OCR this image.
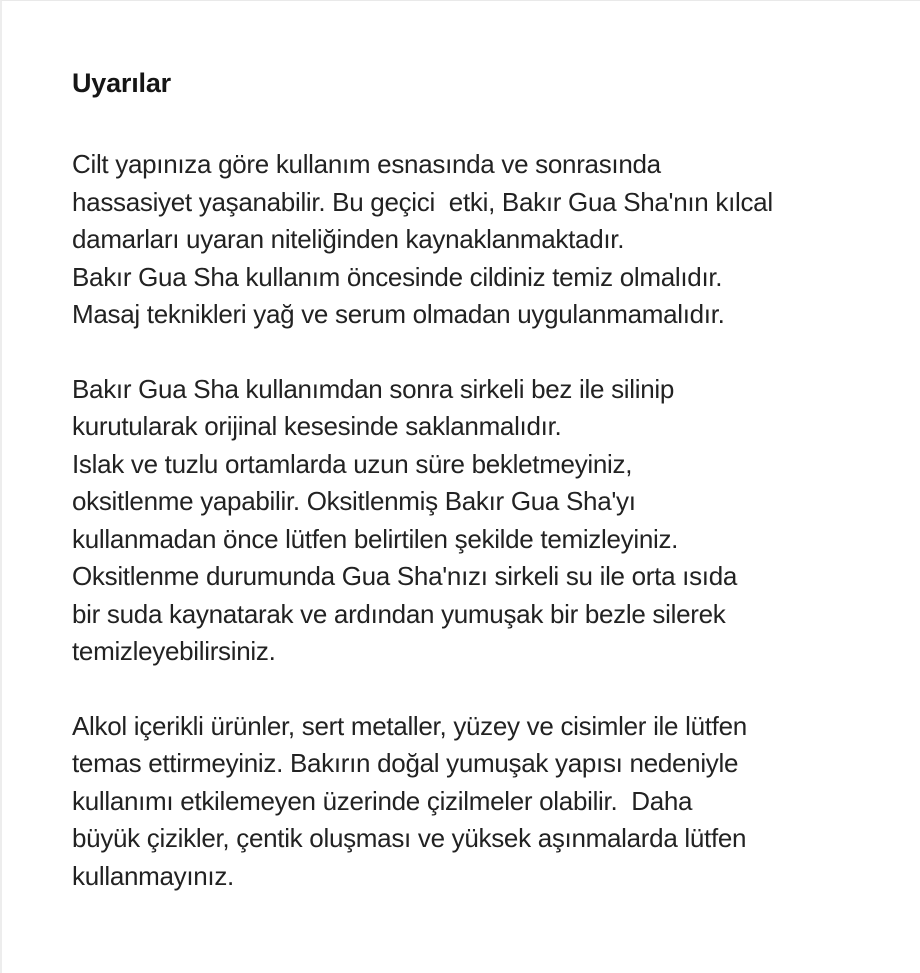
Uyarılar
Cilt yapınıza göre kullanım esnasında ve sonrasında
hassasiyet yaşanabilir. Bu geçici  etki, Bakır Gua Sha'nın kılcal
damarları uyaran niteliğinden kaynaklanmaktadır.
Bakır Gua Sha kullanım öncesinde cildiniz temiz olmalıdır.
Masaj teknikleri yağ ve serum olmadan uygulanmamalıdır.
Bakır Gua Sha kullanımdan sonra sirkeli bez ile silinip
kurutularak orijinal kesesinde saklanmalıdır.
Islak ve tuzlu ortamlarda uzun süre bekletmeyiniz,
oksitlenme yapabilir. Oksitlenmiş Bakır Gua Sha'yı
kullanmadan önce lütfen belirtilen şekilde temizleyiniz.
Oksitlenme durumunda Gua Sha'nızı sirkeli su ile orta ısıda
bir suda kaynatarak ve ardından yumuşak bir bezle silerek
temizleyebilirsiniz.
Alkol içerikli ürünler, sert metaller, yüzey ve cisimler ile lütfen
temas ettirmeyiniz. Bakırın doğal yumuşak yapısı nedeniyle
kullanımı etkilemeyen üzerinde çizilmeler olabilir.  Daha
büyük çizikler, çentik oluşması ve yüksek aşınmalarda lütfen
kullanmayınız.
